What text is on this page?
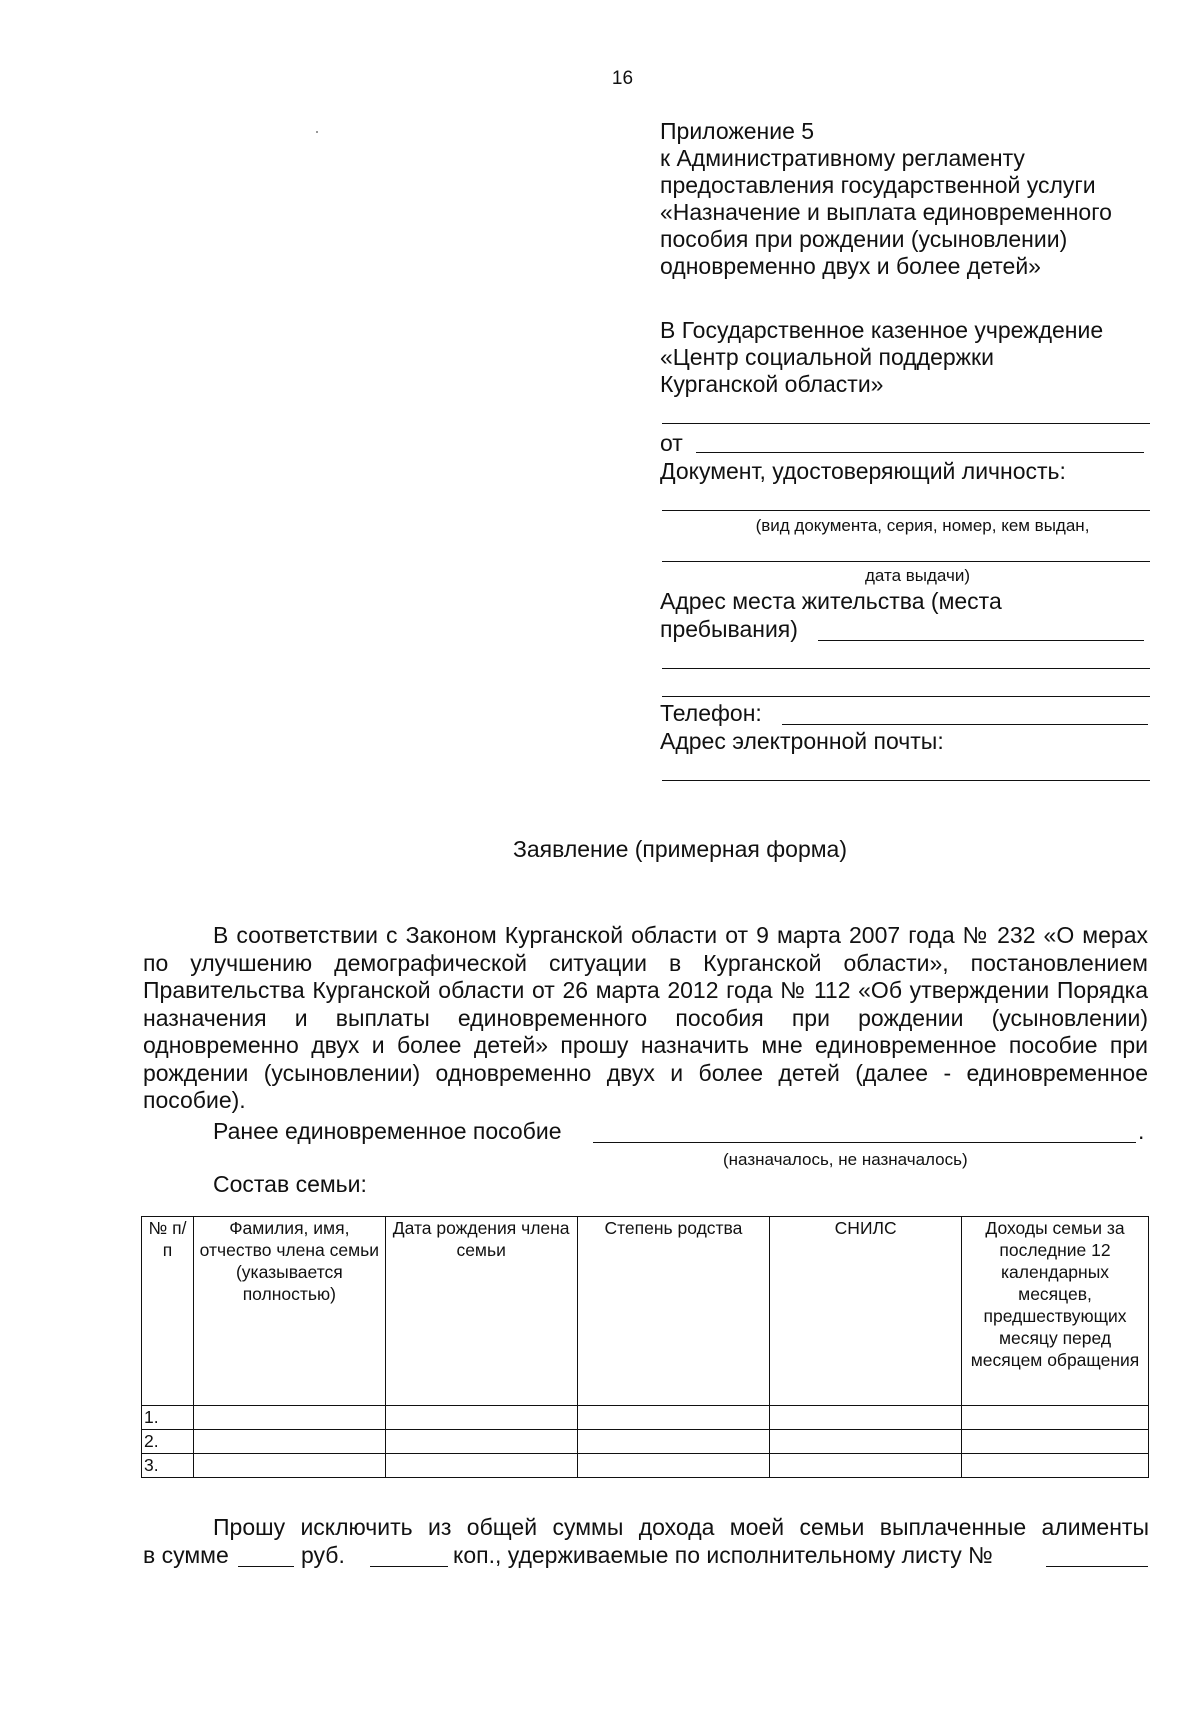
16
Приложение 5
к Административному регламенту
предоставления государственной услуги
«Назначение и выплата единовременного
пособия при рождении (усыновлении)
одновременно двух и более детей»
В Государственное казенное учреждение
«Центр социальной поддержки
Курганской области»
от
Документ, удостоверяющий личность:
(вид документа, серия, номер, кем выдан,
дата выдачи)
Адрес места жительства (места
пребывания)
Телефон:
Адрес электронной почты:
Заявление (примерная форма)
В соответствии с Законом Курганской области от 9 марта 2007 года № 232 «О мерах по улучшению демографической ситуации в Курганской области», постановлением Правительства Курганской области от 26 марта 2012 года № 112 «Об утверждении Порядка назначения и выплаты единовременного пособия при рождении (усыновлении) одновременно двух и более детей» прошу назначить мне единовременное пособие при рождении (усыновлении) одновременно двух и более детей (далее - единовременное пособие).
Ранее единовременное пособие	.
(назначалось, не назначалось)
Состав семьи:
№ п/п	Фамилия, имя, отчество члена семьи (указывается полностью)	Дата рождения члена семьи	Степень родства	СНИЛС	Доходы семьи за последние 12 календарных месяцев, предшествующих месяцу перед месяцем обращения
1.					
2.					
3.					
Прошу исключить из общей суммы дохода моей семьи выплаченные алименты
в сумме	руб.	коп., удерживаемые по исполнительному листу №
